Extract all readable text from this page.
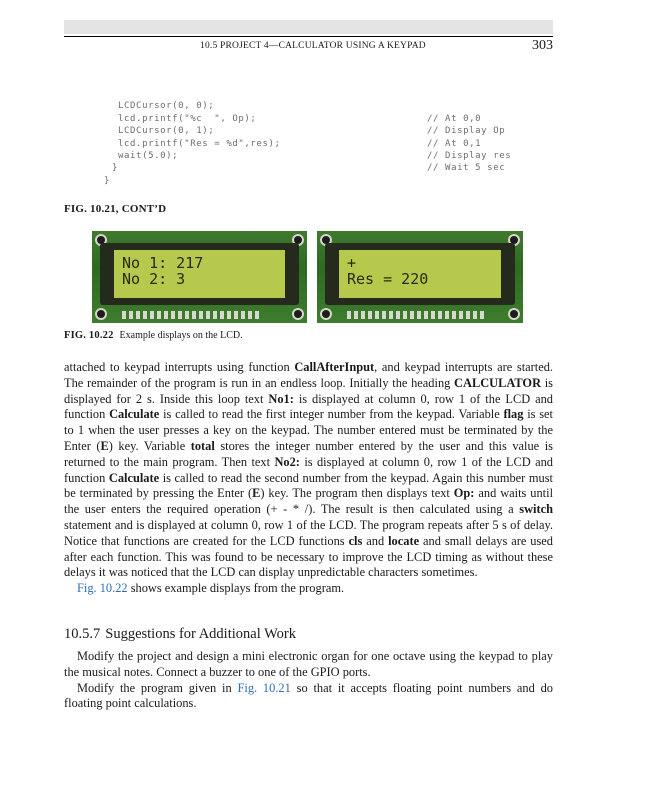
10.5 PROJECT 4—CALCULATOR USING A KEYPAD	303

LCDCursor(0, 0);

// At 0,0

lcd.printf("%c  ", Op);

// Display Op

LCDCursor(0, 1);

// At 0,1

lcd.printf("Res = %d",res);

// Display res

wait(5.0);

// Wait 5 sec

}

}

FIG. 10.21, CONT’D
No 1: 217
No 2: 3
+
Res = 220
FIG. 10.22 Example displays on the LCD.

attached to keypad interrupts using function CallAfterInput, and keypad interrupts are started. The remainder of the program is run in an endless loop. Initially the heading CALCULATOR is displayed for 2 s. Inside this loop text No1: is displayed at column 0, row 1 of the LCD and function Calculate is called to read the first integer number from the keypad. Variable flag is set to 1 when the user presses a key on the keypad. The number entered must be terminated by the Enter (E) key. Variable total stores the integer number entered by the user and this value is returned to the main program. Then text No2: is displayed at column 0, row 1 of the LCD and function Calculate is called to read the second number from the keypad. Again this number must be terminated by pressing the Enter (E) key. The program then displays text Op: and waits until the user enters the required operation (+ - * /). The result is then calculated using a switch statement and is displayed at column 0, row 1 of the LCD. The program repeats after 5 s of delay. Notice that functions are created for the LCD functions cls and locate and small delays are used after each function. This was found to be necessary to improve the LCD timing as without these delays it was noticed that the LCD can display unpredictable characters sometimes.

Fig. 10.22 shows example displays from the program.

10.5.7 Suggestions for Additional Work

Modify the project and design a mini electronic organ for one octave using the keypad to play the musical notes. Connect a buzzer to one of the GPIO ports.

Modify the program given in Fig. 10.21 so that it accepts floating point numbers and do floating point calculations.
